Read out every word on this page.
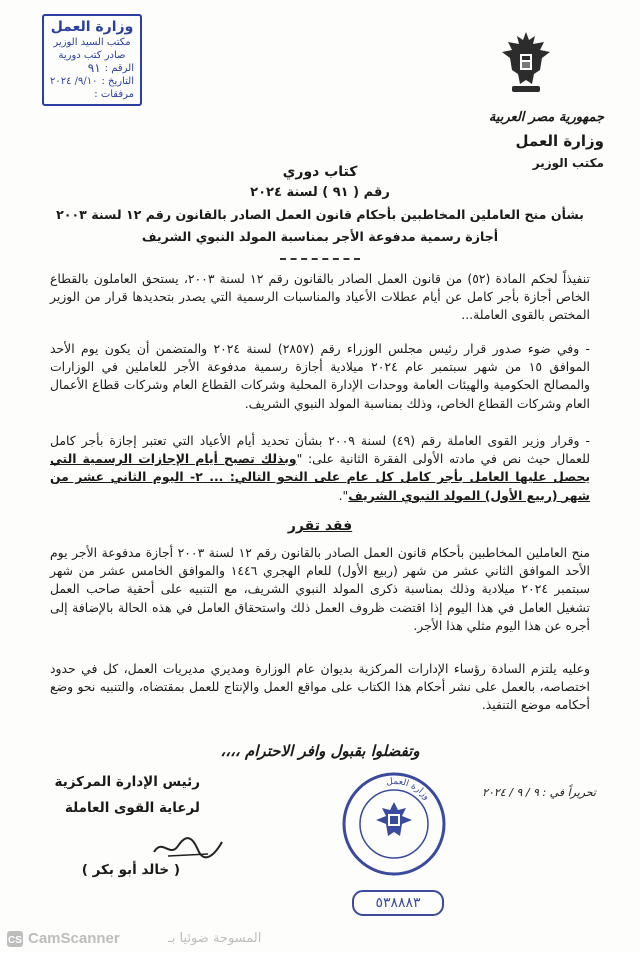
وزارة العمل
مكتب السيد الوزير
صادر كتب دورية
الرقم :
٩١
التاريخ :
٩/١٠/ ٢٠٢٤
مرفقات :
جمهورية مصر العربية
وزارة العمل
مكتب الوزير
كتاب دوري
رقم ( ٩١ ) لسنة ٢٠٢٤
بشأن منح العاملين المخاطبين بأحكام قانون العمل الصادر بالقانون رقم ١٢ لسنة ٢٠٠٣
أجازة رسمية مدفوعة الأجر بمناسبة المولد النبوي الشريف
تنفيذاً لحكم المادة (٥٢) من قانون العمل الصادر بالقانون رقم ١٢ لسنة ٢٠٠٣، يستحق العاملون بالقطاع الخاص أجازة بأجر كامل عن أيام عطلات الأعياد والمناسبات الرسمية التي يصدر بتحديدها قرار من الوزير المختص بالقوى العاملة...
- وفي ضوء صدور قرار رئيس مجلس الوزراء رقم (٢٨٥٧) لسنة ٢٠٢٤ والمتضمن أن يكون يوم الأحد الموافق ١٥ من شهر سبتمبر عام ٢٠٢٤ ميلادية أجازة رسمية مدفوعة الأجر للعاملين في الوزارات والمصالح الحكومية والهيئات العامة ووحدات الإدارة المحلية وشركات القطاع العام وشركات قطاع الأعمال العام وشركات القطاع الخاص، وذلك بمناسبة المولد النبوي الشريف.
- وقرار وزير القوى العاملة رقم (٤٩) لسنة ٢٠٠٩ بشأن تحديد أيام الأعياد التي تعتبر إجازة بأجر كامل للعمال حيث نص في مادته الأولى الفقرة الثانية على: "وبذلك تصبح أيام الإجازات الرسمية التي يحصل عليها العامل بأجر كامل كل عام على النحو التالي: ... ٢- اليوم الثاني عشر من شهر (ربيع الأول) المولد النبوي الشريف".
فقد تقرر
منح العاملين المخاطبين بأحكام قانون العمل الصادر بالقانون رقم ١٢ لسنة ٢٠٠٣ أجازة مدفوعة الأجر يوم الأحد الموافق الثاني عشر من شهر (ربيع الأول) للعام الهجري ١٤٤٦ والموافق الخامس عشر من شهر سبتمبر ٢٠٢٤ ميلادية وذلك بمناسبة ذكرى المولد النبوي الشريف، مع التنبيه على أحقية صاحب العمل تشغيل العامل في هذا اليوم إذا اقتضت ظروف العمل ذلك واستحقاق العامل في هذه الحالة بالإضافة إلى أجره عن هذا اليوم مثلي هذا الأجر.
وعليه يلتزم السادة رؤساء الإدارات المركزية بديوان عام الوزارة ومديري مديريات العمل، كل في حدود اختصاصه، بالعمل على نشر أحكام هذا الكتاب على مواقع العمل والإنتاج للعمل بمقتضاه، والتنبيه نحو وضع أحكامه موضع التنفيذ.
وتفضلوا بقبول وافر الاحترام ،،،،
رئيس الإدارة المركزية
لرعاية القوى العاملة
( خالد أبو بكر )
تحريراً في : ٩ / ٩ / ٢٠٢٤
وزارة العمل
٥٣٨٨٨٣
CS CamScanner	المسوحة ضوئيا بـ
